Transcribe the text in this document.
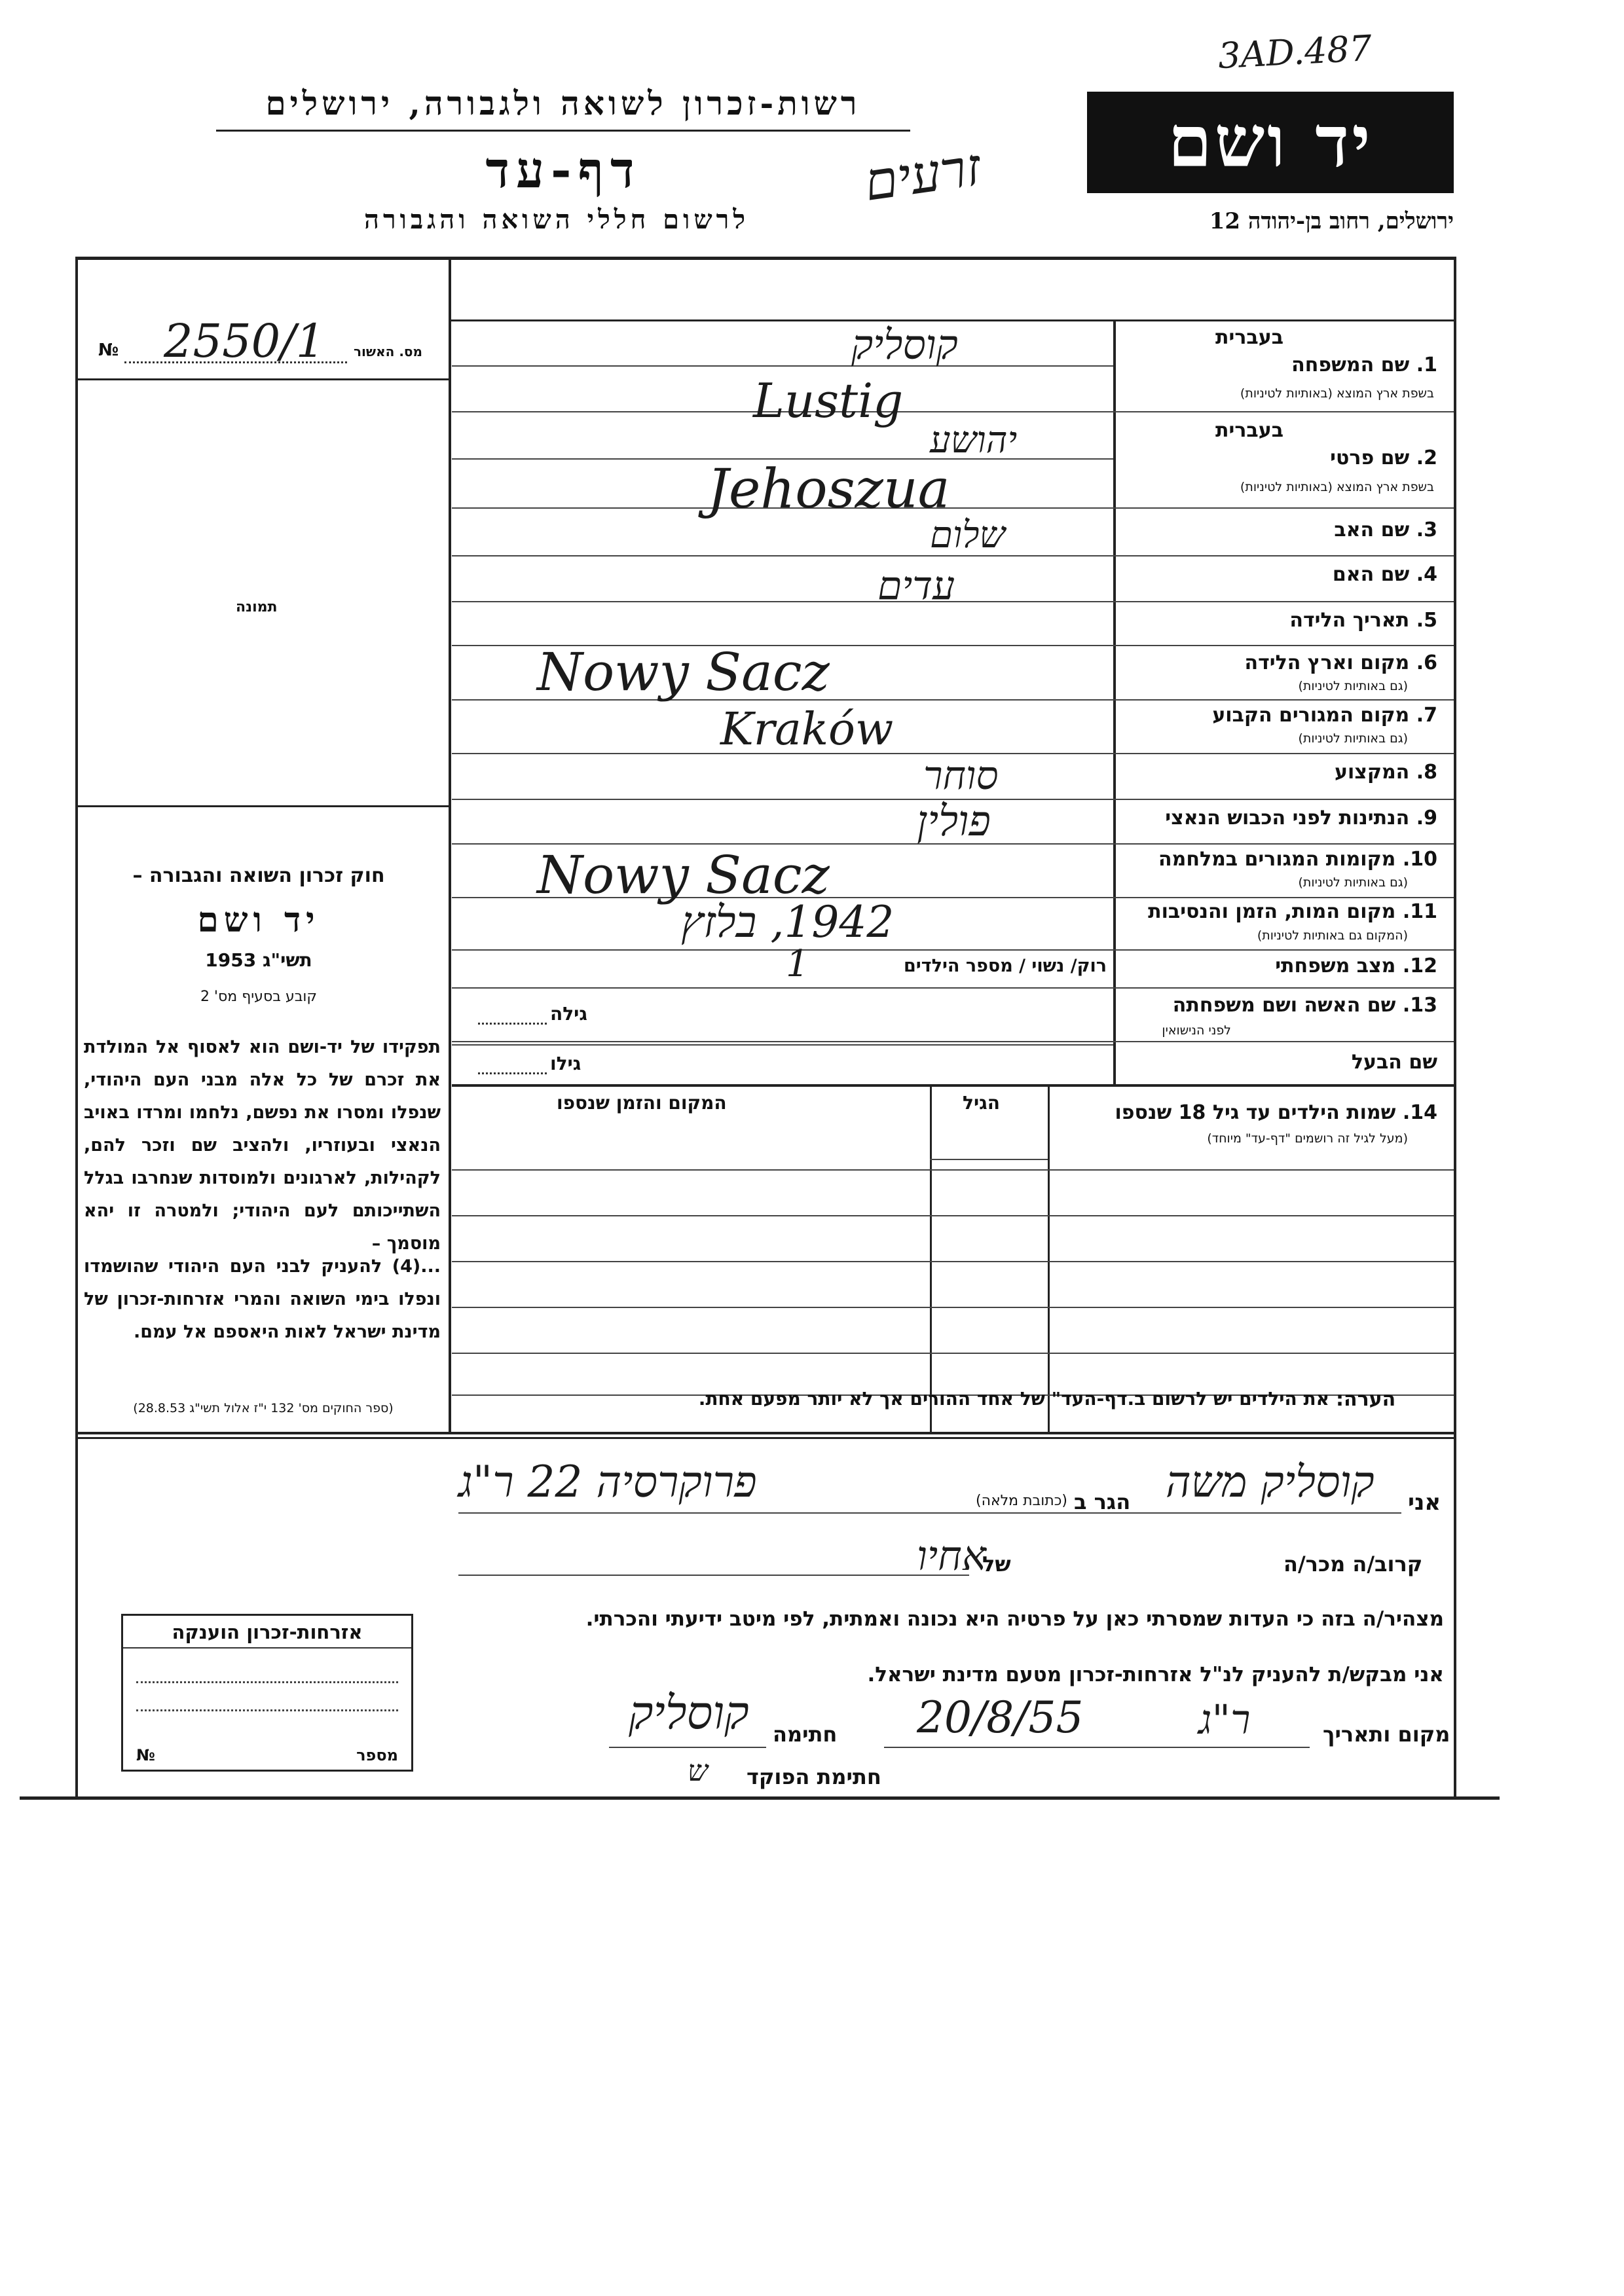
3AD.487
רשות-זכרון לשואה ולגבורה, ירושלים
דף-עד
לרשום חללי השואה והגבורה
יד ושם
ירושלים, רחוב בן-יהודה 12
זרעים
מס. האשור
№ 2550/1
תמונה
חוק זכרון השואה והגבורה –
יד ושם
תשי"ג 1953
קובע בסעיף מס' 2
תפקידו של יד-ושם הוא לאסוף אל המולדת את זכרם של כל אלה מבני העם היהודי, שנפלו ומסרו את נפשם, נלחמו ומרדו באויב הנאצי ובעוזריו, ולהציב שם וזכר להם, לקהילות, לארגונים ולמוסדות שנחרבו בגלל השתייכותם לעם היהודי; ולמטרה זו יהא מוסמך –
...(4) להעניק לבני העם היהודי שהושמדו ונפלו בימי השואה והמרי אזרחות-זכרון של מדינת ישראל לאות היאספם אל עמם.
(ספר החוקים מס' 132 י"ז אלול תשי"ג 28.8.53)
בעברית
1. שם המשפחה
בשפת ארץ המוצא (באותיות לטיניות)
בעברית
2. שם פרטי
בשפת ארץ המוצא (באותיות לטיניות)
3. שם האב
4. שם האם
5. תאריך הלידה
6. מקום וארץ הלידה
(גם באותיות לטיניות)
7. מקום המגורים הקבוע
(גם באותיות לטיניות)
8. המקצוע
9. הנתינות לפני הכבוש הנאצי
10. מקומות המגורים במלחמה
(גם באותיות לטיניות)
11. מקום המות, הזמן והנסיבות
(המקום גם באותיות לטיניות)
12. מצב משפחתי
13. שם האשה ושם משפחתה
לפני הנישואין
שם הבעל
קוסליק
Lustig
יהושע
Jehoszua
שלום
עדים
Nowy Sacz
Kraków
סוחר
פולין
Nowy Sacz
1942, בלזץ
רוק/ נשוי / מספר הילדים
1
גילה
גילו
14. שמות הילדים עד גיל 18 שנספו
(מעל לגיל זה רושמים "דף-עד" מיוחד)
הגיל
המקום והזמן שנספו
הערה:
את הילדים יש לרשום ב.דף-העד" של אחד ההורים אך לא יותר מפעם אחת.
אני
קוסליק משה
הגר ב
(כתובת מלאה)
פרוקרסיה 22 ר"ג
קרוב/ה מכר/ה
אחיו
של
מצהיר/ה בזה כי העדות שמסרתי כאן על פרטיה היא נכונה ואמתית, לפי מיטב ידיעתי והכרתי.
אני מבקש/ת להעניק לנ"ל אזרחות-זכרון מטעם מדינת ישראל.
מקום ותאריך
ר"ג
20/8/55
חתימה
קוסליק
חתימת הפוקד
ש
אזרחות-זכרון הוענקה
№	מספר
